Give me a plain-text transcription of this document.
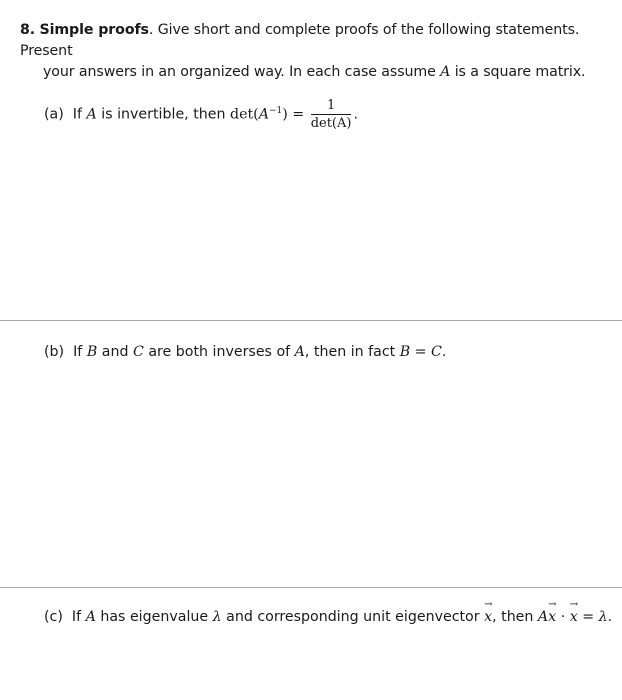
8. Simple proofs. Give short and complete proofs of the following statements. Present
your answers in an organized way. In each case assume A is a square matrix.
(a) If A is invertible, then $\det(A^{-1}) = \frac{1}{\det(A)}$ .
(b) If B and C are both inverses of A, then in fact B = C.
(c) If A has eigenvalue λ and corresponding unit eigenvector → x, then A→ x · → x = λ.
